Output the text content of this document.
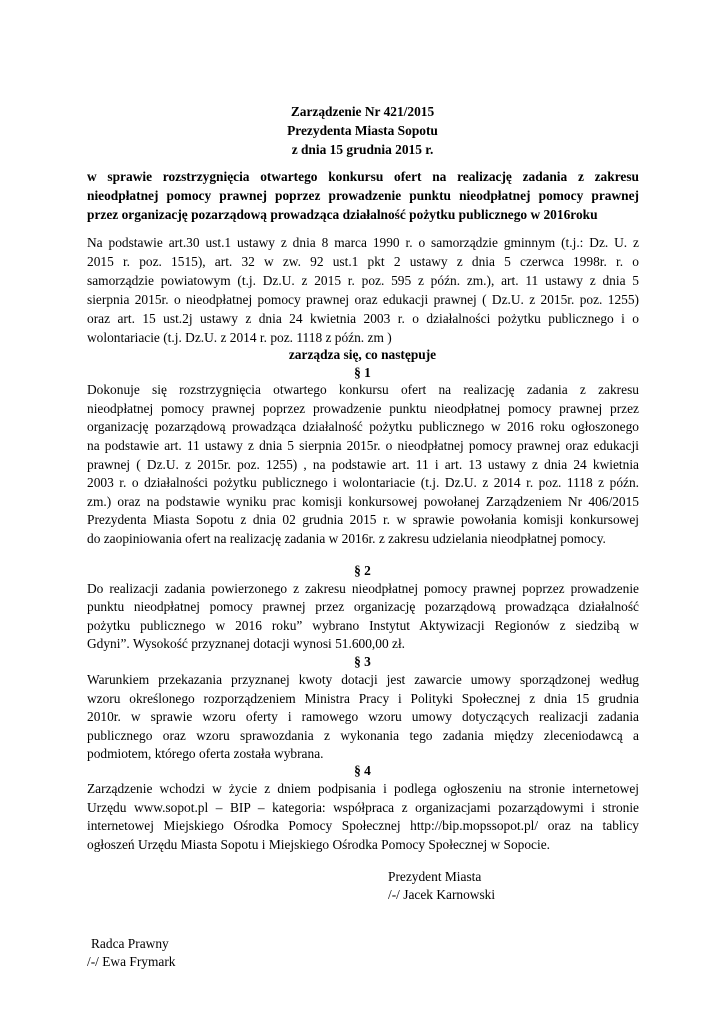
Zarządzenie Nr 421/2015
Prezydenta Miasta Sopotu
z dnia 15 grudnia 2015 r.
w sprawie rozstrzygnięcia otwartego konkursu ofert na realizację zadania z zakresu
nieodpłatnej pomocy prawnej poprzez prowadzenie punktu nieodpłatnej pomocy prawnej
przez organizację pozarządową prowadząca działalność pożytku publicznego w 2016roku
Na podstawie art.30 ust.1 ustawy z dnia 8 marca 1990 r. o samorządzie gminnym (t.j.: Dz. U. z
2015 r. poz. 1515), art. 32 w zw. 92 ust.1 pkt 2 ustawy z dnia 5 czerwca 1998r. r. o
samorządzie powiatowym (t.j. Dz.U. z 2015 r. poz. 595 z późn. zm.), art. 11 ustawy z dnia 5
sierpnia 2015r. o nieodpłatnej pomocy prawnej oraz edukacji prawnej ( Dz.U. z 2015r. poz. 1255)
oraz art. 15 ust.2j ustawy z dnia 24 kwietnia 2003 r. o działalności pożytku publicznego i o
wolontariacie (t.j. Dz.U. z 2014 r. poz. 1118 z późn. zm )
zarządza się, co następuje
§ 1
Dokonuje się rozstrzygnięcia otwartego konkursu ofert na realizację zadania z zakresu
nieodpłatnej pomocy prawnej poprzez prowadzenie punktu nieodpłatnej pomocy prawnej przez
organizację pozarządową prowadząca działalność pożytku publicznego w 2016 roku ogłoszonego
na podstawie art. 11 ustawy z dnia 5 sierpnia 2015r. o nieodpłatnej pomocy prawnej oraz edukacji
prawnej ( Dz.U. z 2015r. poz. 1255) , na podstawie art. 11 i art. 13 ustawy z dnia 24 kwietnia
2003 r. o działalności pożytku publicznego i wolontariacie (t.j. Dz.U. z 2014 r. poz. 1118 z późn.
zm.) oraz na podstawie wyniku prac komisji konkursowej powołanej Zarządzeniem Nr 406/2015
Prezydenta Miasta Sopotu z dnia 02 grudnia 2015 r. w sprawie powołania komisji konkursowej
do zaopiniowania ofert na realizację zadania w 2016r. z zakresu udzielania nieodpłatnej pomocy.
§ 2
Do realizacji zadania powierzonego z zakresu nieodpłatnej pomocy prawnej poprzez prowadzenie
punktu nieodpłatnej pomocy prawnej przez organizację pozarządową prowadząca działalność
pożytku publicznego w 2016 roku” wybrano Instytut Aktywizacji Regionów z siedzibą w
Gdyni”. Wysokość przyznanej dotacji wynosi 51.600,00 zł.
§ 3
Warunkiem przekazania przyznanej kwoty dotacji jest zawarcie umowy sporządzonej według
wzoru określonego rozporządzeniem Ministra Pracy i Polityki Społecznej z dnia 15 grudnia
2010r. w sprawie wzoru oferty i ramowego wzoru umowy dotyczących realizacji zadania
publicznego oraz wzoru sprawozdania z wykonania tego zadania między zleceniodawcą a
podmiotem, którego oferta została wybrana.
§ 4
Zarządzenie wchodzi w życie z dniem podpisania i podlega ogłoszeniu na stronie internetowej
Urzędu www.sopot.pl – BIP – kategoria: współpraca z organizacjami pozarządowymi i stronie
internetowej Miejskiego Ośrodka Pomocy Społecznej http://bip.mopssopot.pl/ oraz na tablicy
ogłoszeń Urzędu Miasta Sopotu i Miejskiego Ośrodka Pomocy Społecznej w Sopocie.
Prezydent Miasta
/-/ Jacek Karnowski
Radca Prawny
/-/ Ewa Frymark
